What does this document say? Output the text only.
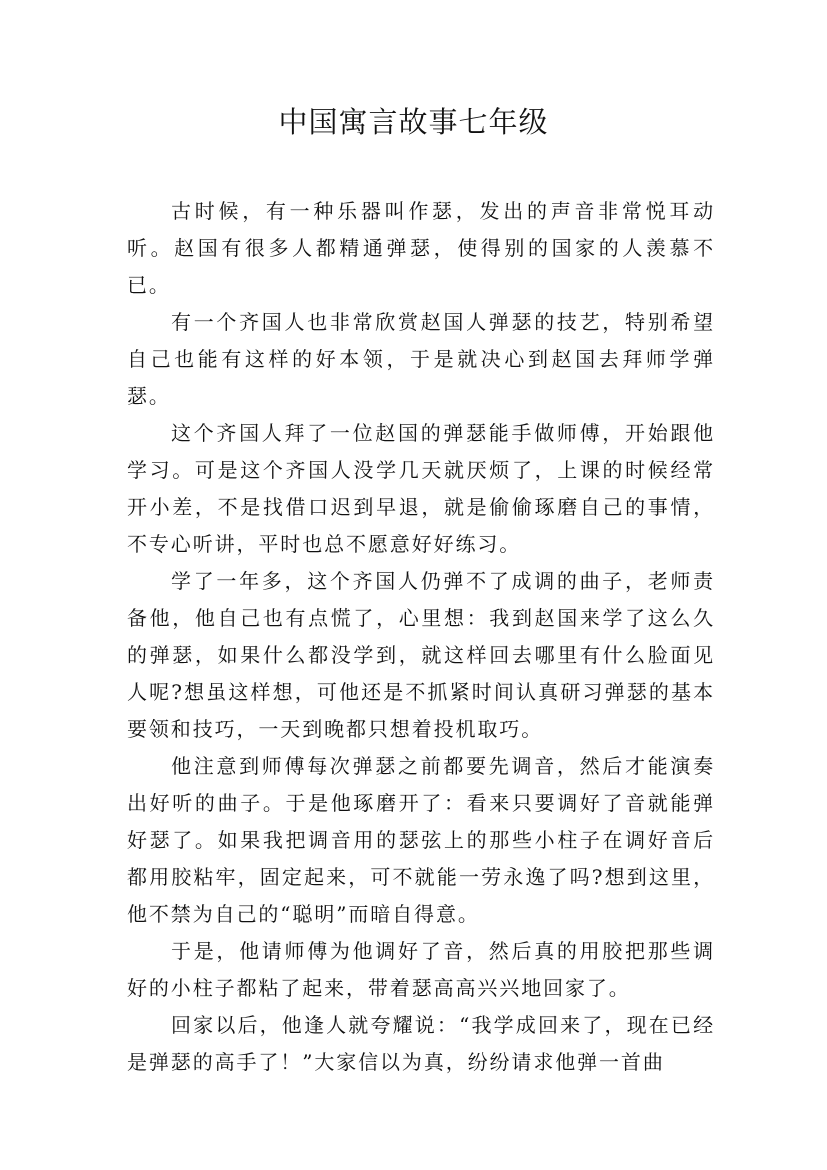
中国寓言故事七年级

古时候，有一种乐器叫作瑟，发出的声音非常悦耳动听。赵国有很多人都精通弹瑟，使得别的国家的人羡慕不已。

有一个齐国人也非常欣赏赵国人弹瑟的技艺，特别希望自己也能有这样的好本领，于是就决心到赵国去拜师学弹瑟。

这个齐国人拜了一位赵国的弹瑟能手做师傅，开始跟他学习。可是这个齐国人没学几天就厌烦了，上课的时候经常开小差，不是找借口迟到早退，就是偷偷琢磨自己的事情，不专心听讲，平时也总不愿意好好练习。

学了一年多，这个齐国人仍弹不了成调的曲子，老师责备他，他自己也有点慌了，心里想：我到赵国来学了这么久的弹瑟，如果什么都没学到，就这样回去哪里有什么脸面见人呢?想虽这样想，可他还是不抓紧时间认真研习弹瑟的基本要领和技巧，一天到晚都只想着投机取巧。

他注意到师傅每次弹瑟之前都要先调音，然后才能演奏出好听的曲子。于是他琢磨开了：看来只要调好了音就能弹好瑟了。如果我把调音用的瑟弦上的那些小柱子在调好音后都用胶粘牢，固定起来，可不就能一劳永逸了吗?想到这里，他不禁为自己的“聪明”而暗自得意。

于是，他请师傅为他调好了音，然后真的用胶把那些调好的小柱子都粘了起来，带着瑟高高兴兴地回家了。

回家以后，他逢人就夸耀说：“我学成回来了，现在已经是弹瑟的高手了！”大家信以为真，纷纷请求他弹一首曲
